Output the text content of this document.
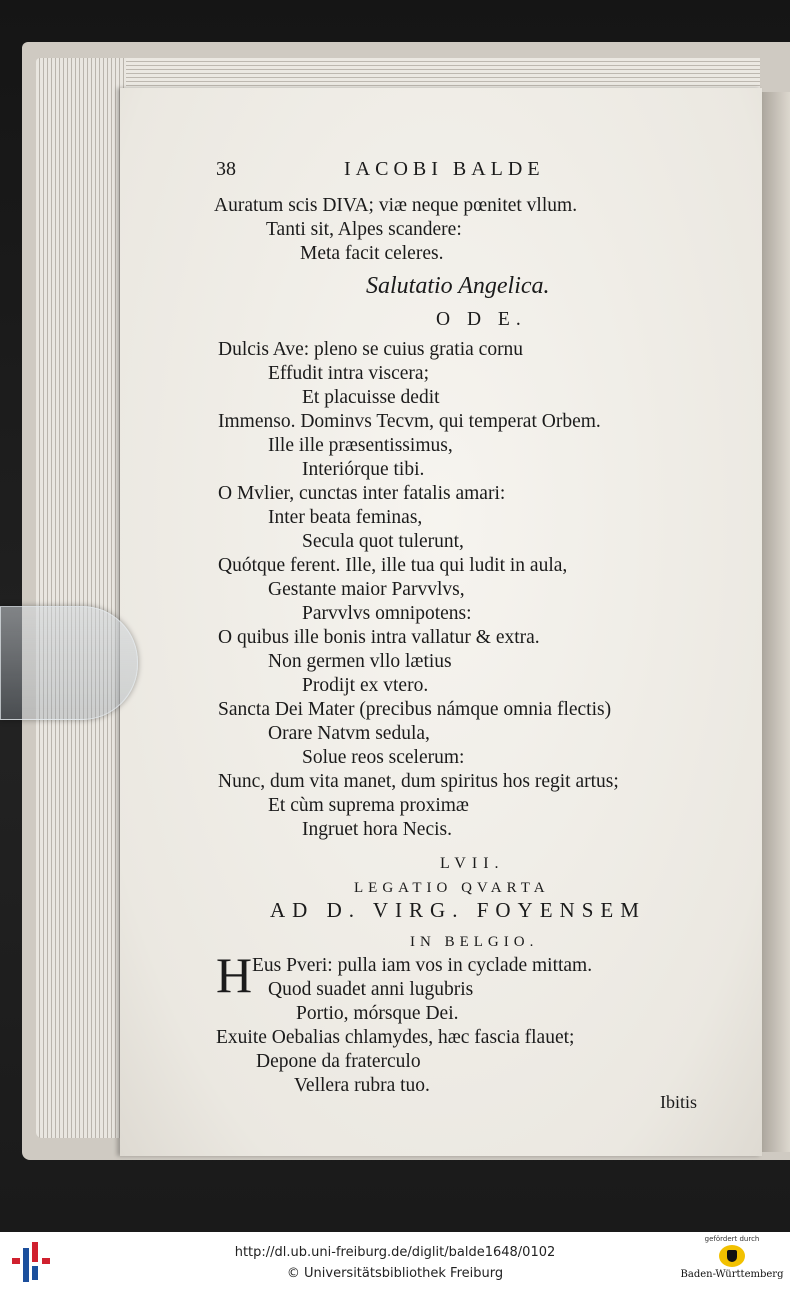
38	IACOBI BALDE
Auratum scis DIVA; viæ neque pœnitet vllum.
Tanti sit, Alpes scandere:
Meta facit celeres.
Salutatio Angelica.
O D E.
Dulcis Ave: pleno se cuius gratia cornu
Effudit intra viscera;
Et placuisse dedit
Immenso. Dominvs Tecvm, qui temperat Orbem.
Ille ille præsentissimus,
Interiórque tibi.
O Mvlier, cunctas inter fatalis amari:
Inter beata feminas,
Secula quot tulerunt,
Quótque ferent. Ille, ille tua qui ludit in aula,
Gestante maior Parvvlvs,
Parvvlvs omnipotens:
O quibus ille bonis intra vallatur & extra.
Non germen vllo lætius
Prodijt ex vtero.
Sancta Dei Mater (precibus námque omnia flectis)
Orare Natvm sedula,
Solue reos scelerum:
Nunc, dum vita manet, dum spiritus hos regit artus;
Et cùm suprema proximæ
Ingruet hora Necis.
LVII.
LEGATIO QVARTA
AD D. VIRG. FOYENSEM
IN BELGIO.
H Eus Pveri: pulla iam vos in cyclade mittam.
Quod suadet anni lugubris
Portio, mórsque Dei.
Exuite Oebalias chlamydes, hæc fascia flauet;
Depone da fraterculo
Vellera rubra tuo.
Ibitis
http://dl.ub.uni-freiburg.de/diglit/balde1648/0102
© Universitätsbibliothek Freiburg
gefördert durch
Baden-Württemberg
